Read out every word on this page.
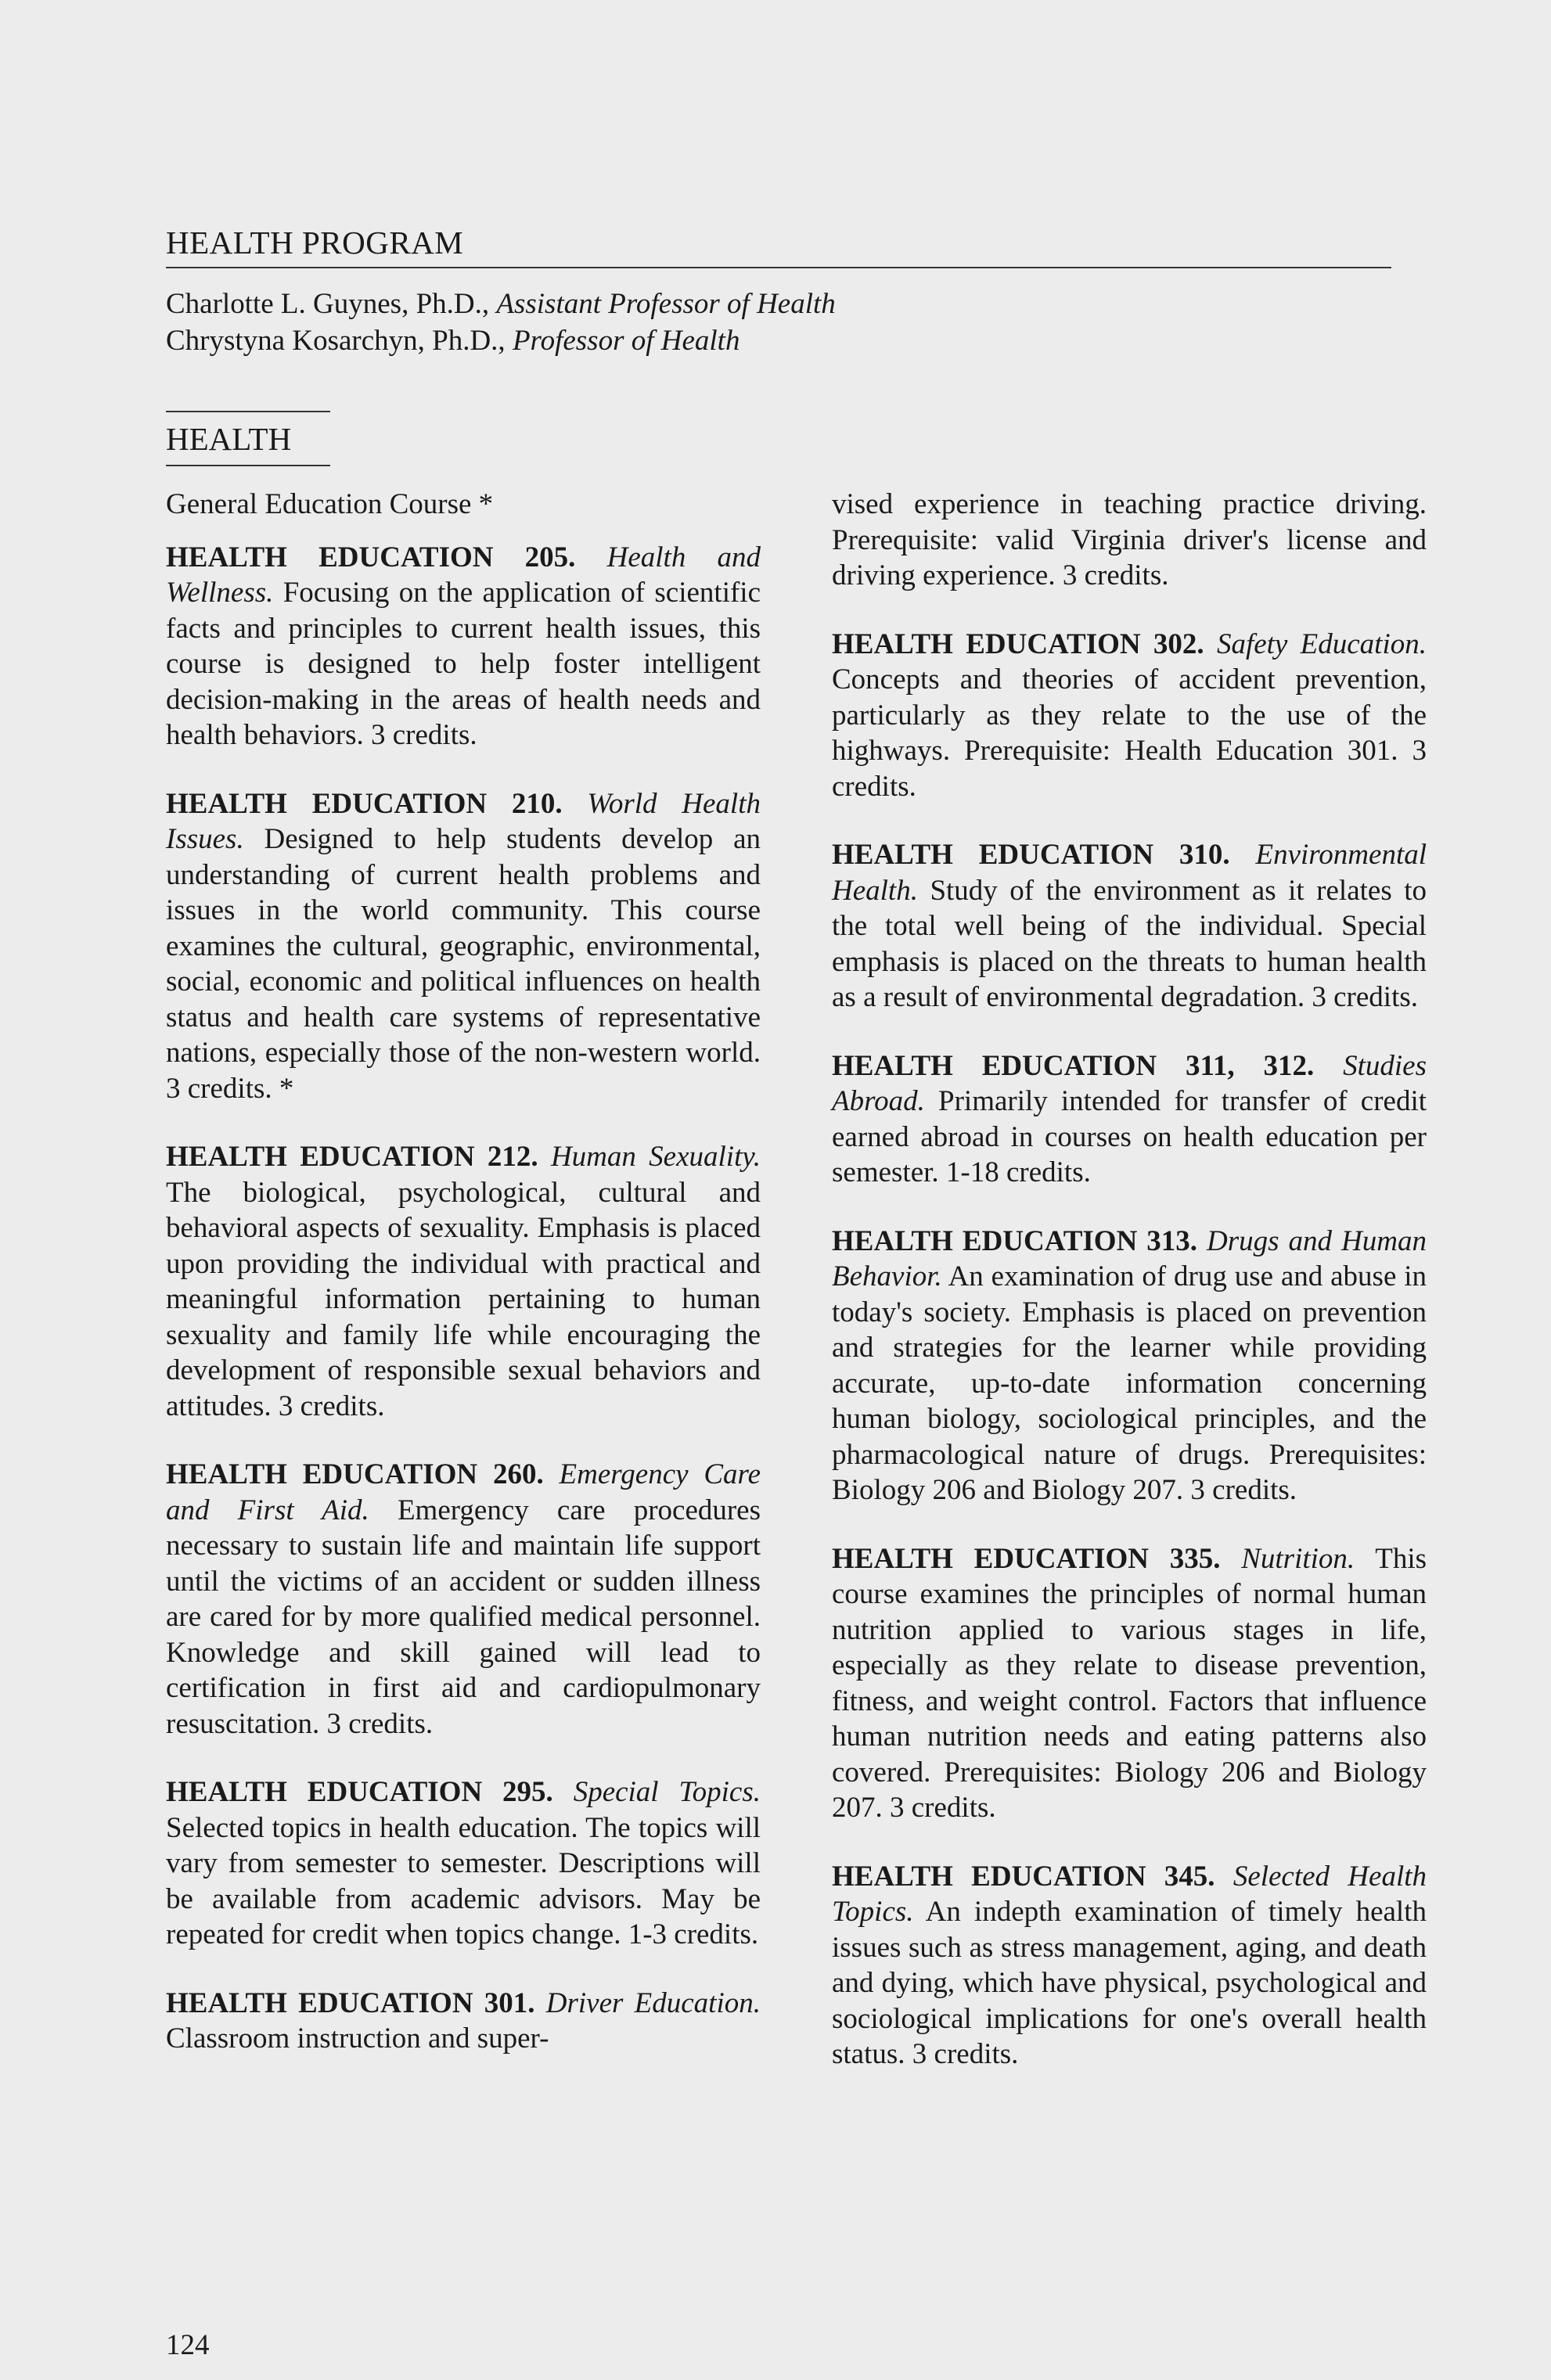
HEALTH PROGRAM
Charlotte L. Guynes, Ph.D., Assistant Professor of Health
Chrystyna Kosarchyn, Ph.D., Professor of Health
HEALTH
General Education Course *

HEALTH EDUCATION 205. Health and Wellness. Focusing on the application of scientific facts and principles to current health issues, this course is designed to help foster intelligent decision-making in the areas of health needs and health behaviors. 3 credits.

HEALTH EDUCATION 210. World Health Issues. Designed to help students develop an understanding of current health problems and issues in the world community. This course examines the cultural, geographic, environmental, social, economic and political influences on health status and health care systems of representative nations, especially those of the non-western world. 3 credits. *

HEALTH EDUCATION 212. Human Sexuality. The biological, psychological, cultural and behavioral aspects of sexuality. Emphasis is placed upon providing the individual with practical and meaningful information pertaining to human sexuality and family life while encouraging the development of responsible sexual behaviors and attitudes. 3 credits.

HEALTH EDUCATION 260. Emergency Care and First Aid. Emergency care procedures necessary to sustain life and maintain life support until the victims of an accident or sudden illness are cared for by more qualified medical personnel. Knowledge and skill gained will lead to certification in first aid and cardiopulmonary resuscitation. 3 credits.

HEALTH EDUCATION 295. Special Topics. Selected topics in health education. The topics will vary from semester to semester. Descriptions will be available from academic advisors. May be repeated for credit when topics change. 1-3 credits.

HEALTH EDUCATION 301. Driver Education. Classroom instruction and super-

vised experience in teaching practice driving. Prerequisite: valid Virginia driver's license and driving experience. 3 credits.

HEALTH EDUCATION 302. Safety Education. Concepts and theories of accident prevention, particularly as they relate to the use of the highways. Prerequisite: Health Education 301. 3 credits.

HEALTH EDUCATION 310. Environmental Health. Study of the environment as it relates to the total well being of the individual. Special emphasis is placed on the threats to human health as a result of environmental degradation. 3 credits.

HEALTH EDUCATION 311, 312. Studies Abroad. Primarily intended for transfer of credit earned abroad in courses on health education per semester. 1-18 credits.

HEALTH EDUCATION 313. Drugs and Human Behavior. An examination of drug use and abuse in today's society. Emphasis is placed on prevention and strategies for the learner while providing accurate, up-to-date information concerning human biology, sociological principles, and the pharmacological nature of drugs. Prerequisites: Biology 206 and Biology 207. 3 credits.

HEALTH EDUCATION 335. Nutrition. This course examines the principles of normal human nutrition applied to various stages in life, especially as they relate to disease prevention, fitness, and weight control. Factors that influence human nutrition needs and eating patterns also covered. Prerequisites: Biology 206 and Biology 207. 3 credits.

HEALTH EDUCATION 345. Selected Health Topics. An indepth examination of timely health issues such as stress management, aging, and death and dying, which have physical, psychological and sociological implications for one's overall health status. 3 credits.

124
